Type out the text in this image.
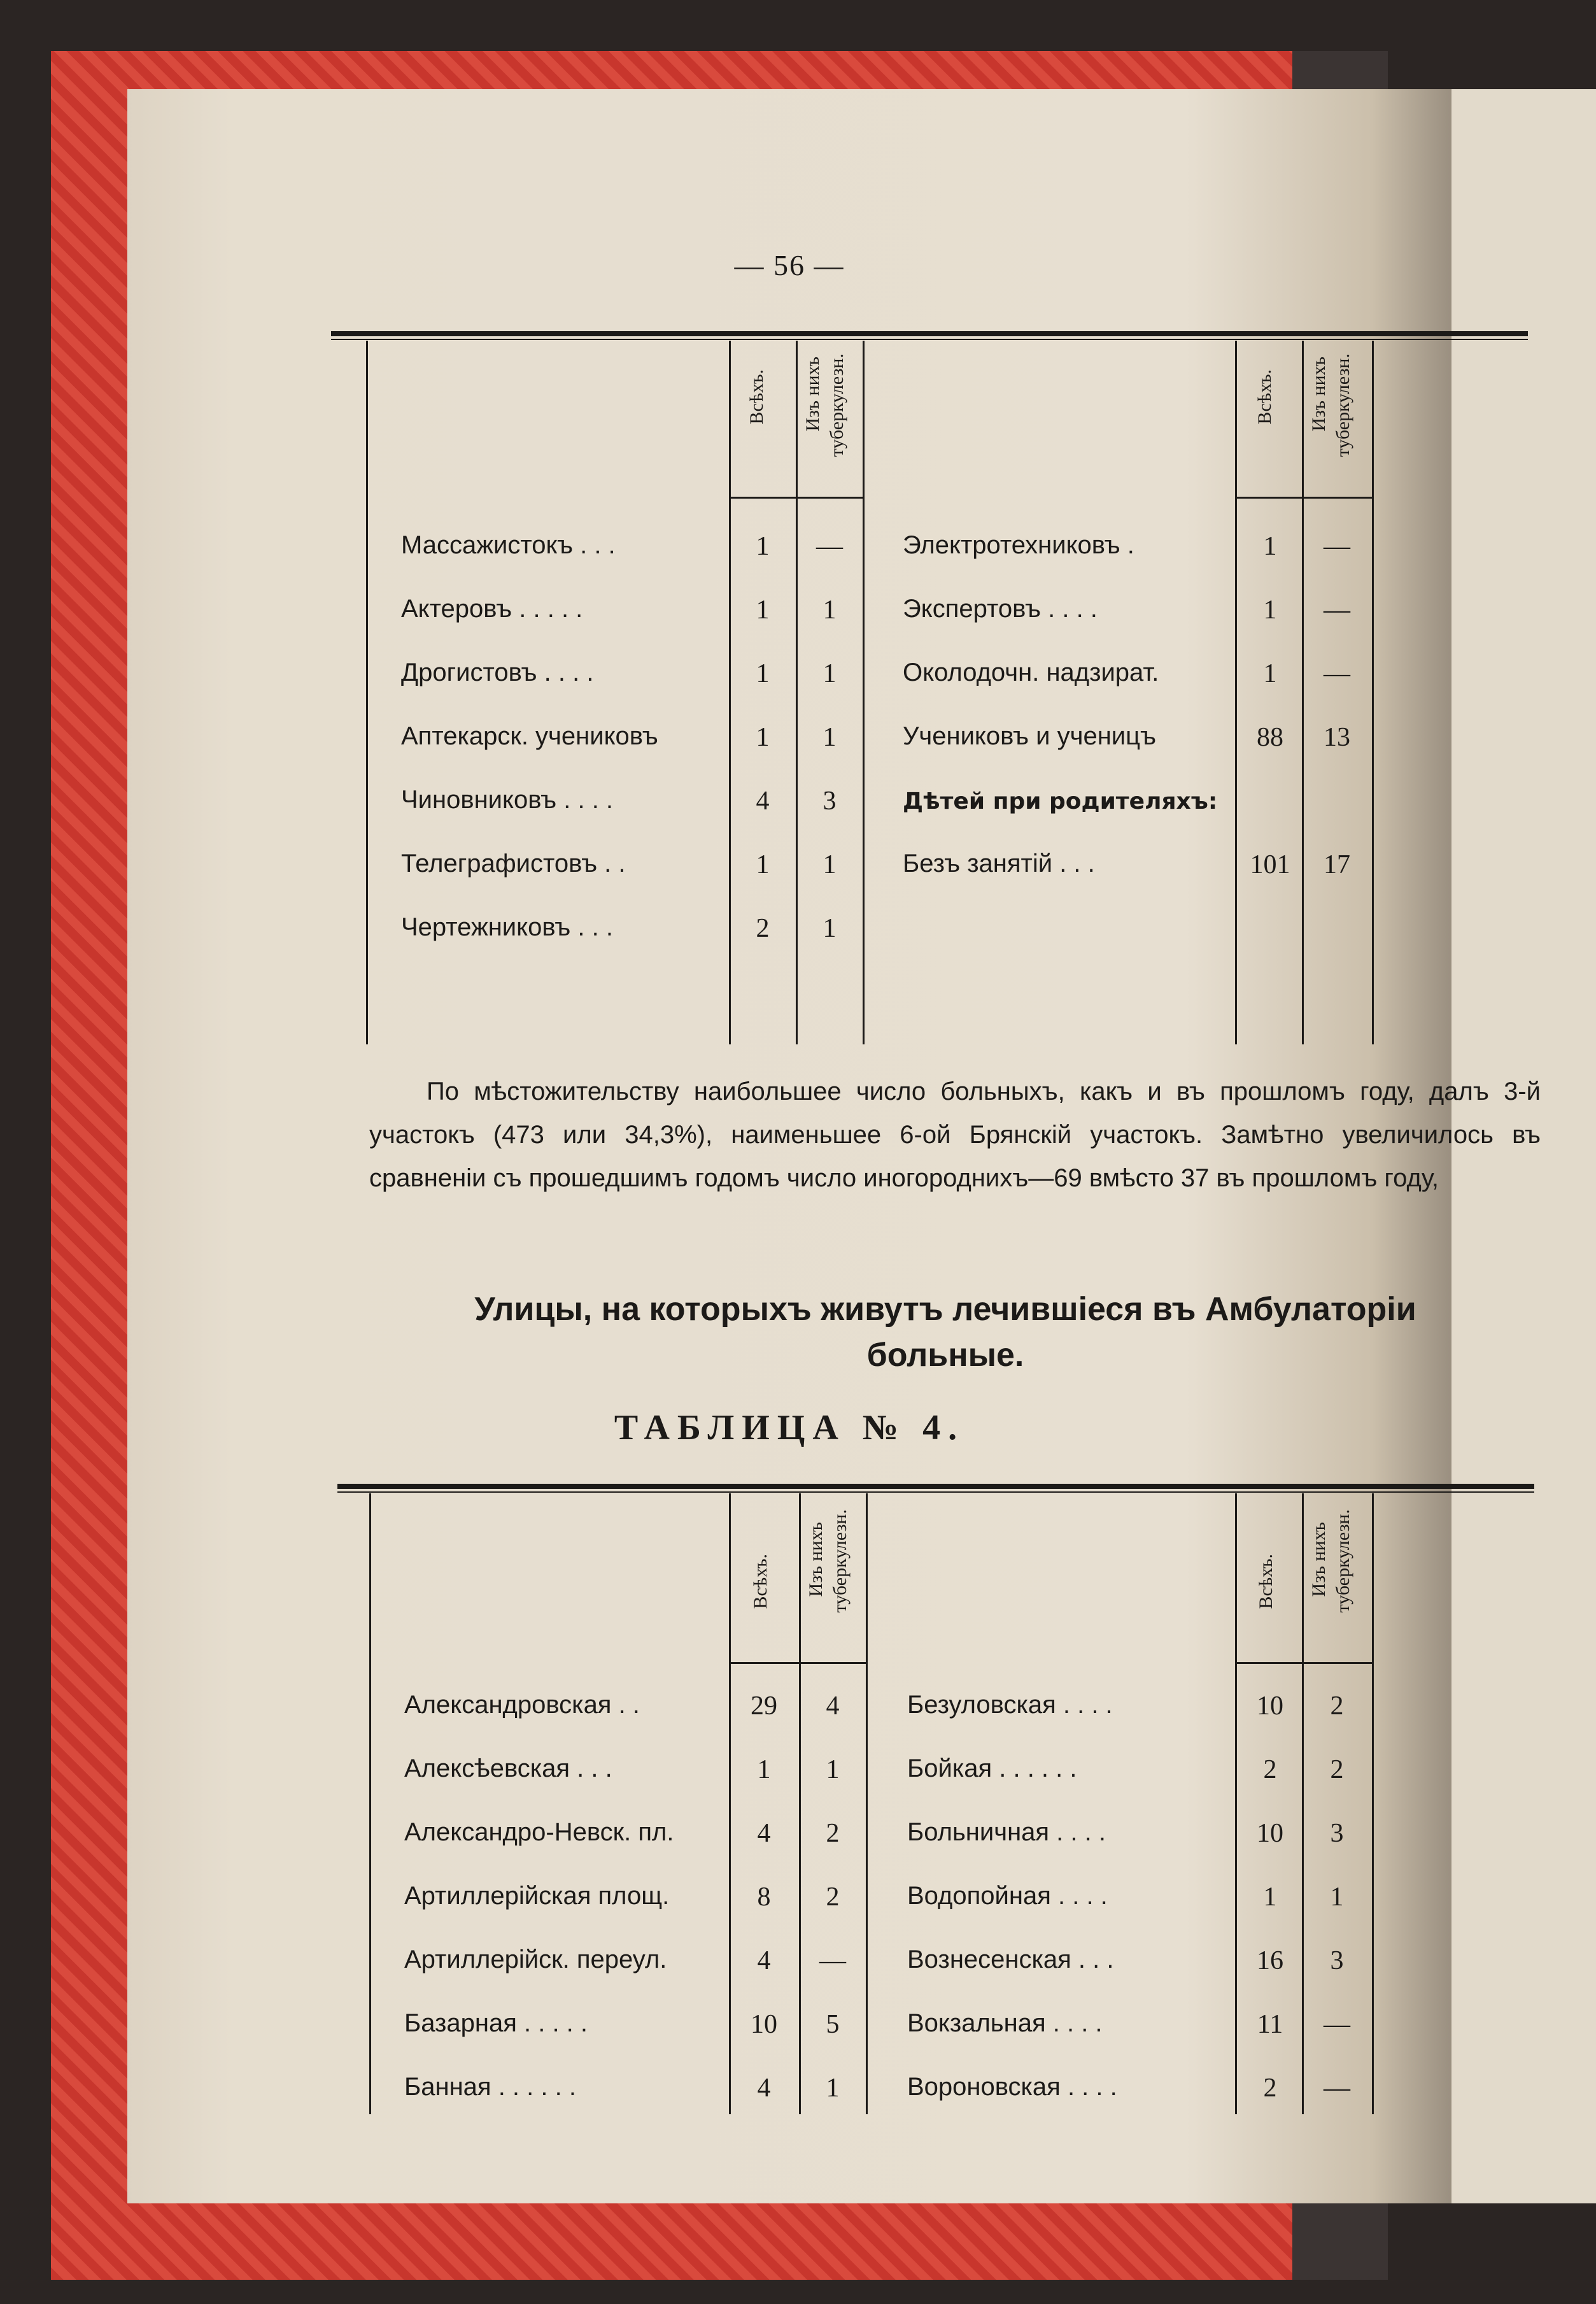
— 56 —
Всѣхъ. Изъ нихъ туберкулезн.	Всѣхъ. Изъ нихъ туберкулезн.
Массажистокъ . . .	1	—
Актеровъ . . . . .	1	1
Дрогистовъ . . . .	1	1
Аптекарск. учениковъ	1	1
Чиновниковъ . . . .	4	3
Телеграфистовъ . .	1	1
Чертежниковъ . . .	2	1
Электротехниковъ .	1	—
Экспертовъ . . . .	1	—
Околодочн. надзират.	1	—
Учениковъ и ученицъ	88	13
Дѣтей при родителяхъ:
Безъ занятій . . .	101	17

По мѣстожительству наибольшее число больныхъ, какъ и въ прошломъ году, далъ 3-й участокъ (473 или 34,3%), наименьшее 6-ой Брянскій участокъ. Замѣтно увеличилось въ сравненіи съ прошедшимъ годомъ число иногороднихъ—69 вмѣсто 37 въ прошломъ году,

Улицы, на которыхъ живутъ лечившіеся въ Амбулаторіи
больные.
ТАБЛИЦА № 4.
Всѣхъ. Изъ нихъ туберкулезн.	Всѣхъ. Изъ нихъ туберкулезн.
Александровская . .	29	4
Алексѣевская . . .	1	1
Александро-Невск. пл.	4	2
Артиллерійская площ.	8	2
Артиллерійск. переул.	4	—
Базарная . . . . .	10	5
Банная . . . . . .	4	1
Безуловская . . . .	10	2
Бойкая . . . . . .	2	2
Больничная . . . .	10	3
Водопойная . . . .	1	1
Вознесенская . . .	16	3
Вокзальная . . . .	11	—
Вороновская . . . .	2	—
